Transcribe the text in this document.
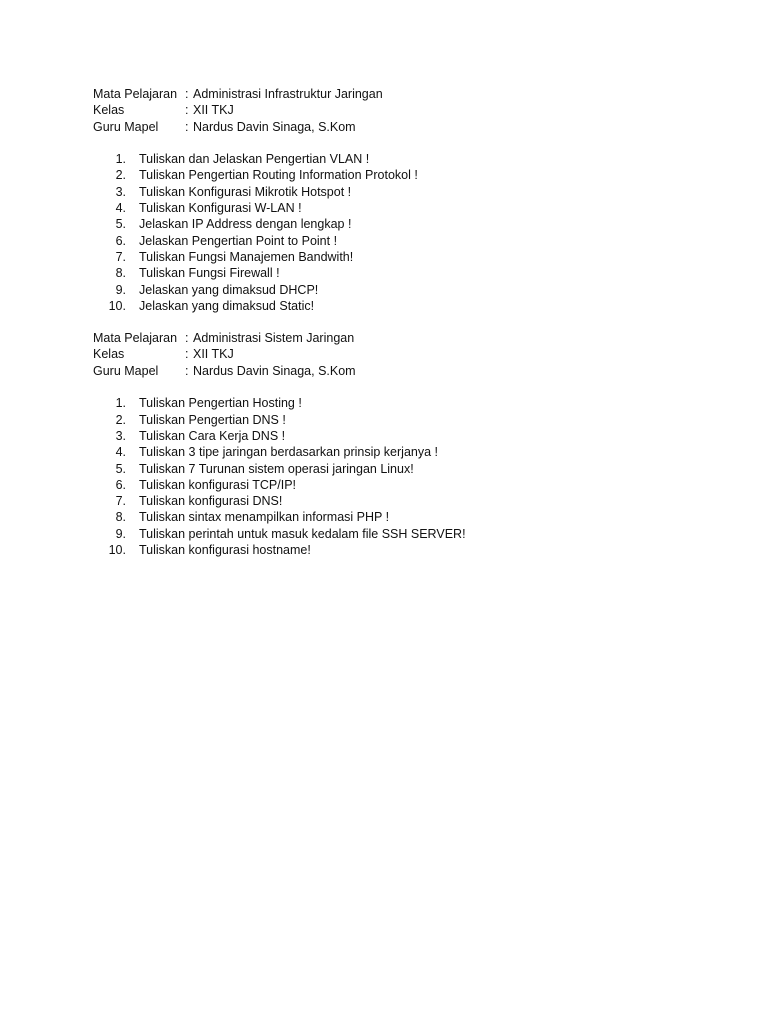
Mata Pelajaran : Administrasi Infrastruktur Jaringan
Kelas	: XII TKJ
Guru Mapel	: Nardus Davin Sinaga, S.Kom
1.	Tuliskan dan Jelaskan Pengertian VLAN !
2.	Tuliskan Pengertian Routing Information Protokol !
3.	Tuliskan Konfigurasi Mikrotik Hotspot !
4.	Tuliskan Konfigurasi W-LAN !
5.	Jelaskan IP Address dengan lengkap !
6.	Jelaskan Pengertian Point to Point !
7.	Tuliskan Fungsi Manajemen Bandwith!
8.	Tuliskan Fungsi Firewall !
9.	Jelaskan yang dimaksud DHCP!
10.	Jelaskan yang dimaksud Static!
Mata Pelajaran : Administrasi Sistem Jaringan
Kelas	: XII TKJ
Guru Mapel	: Nardus Davin Sinaga, S.Kom
1.	Tuliskan Pengertian Hosting !
2.	Tuliskan Pengertian DNS !
3.	Tuliskan Cara Kerja DNS !
4.	Tuliskan 3 tipe jaringan berdasarkan prinsip kerjanya !
5.	Tuliskan 7 Turunan sistem operasi jaringan Linux!
6.	Tuliskan konfigurasi TCP/IP!
7.	Tuliskan konfigurasi DNS!
8.	Tuliskan sintax menampilkan informasi PHP !
9.	Tuliskan perintah untuk masuk kedalam file SSH SERVER!
10.	Tuliskan konfigurasi hostname!
